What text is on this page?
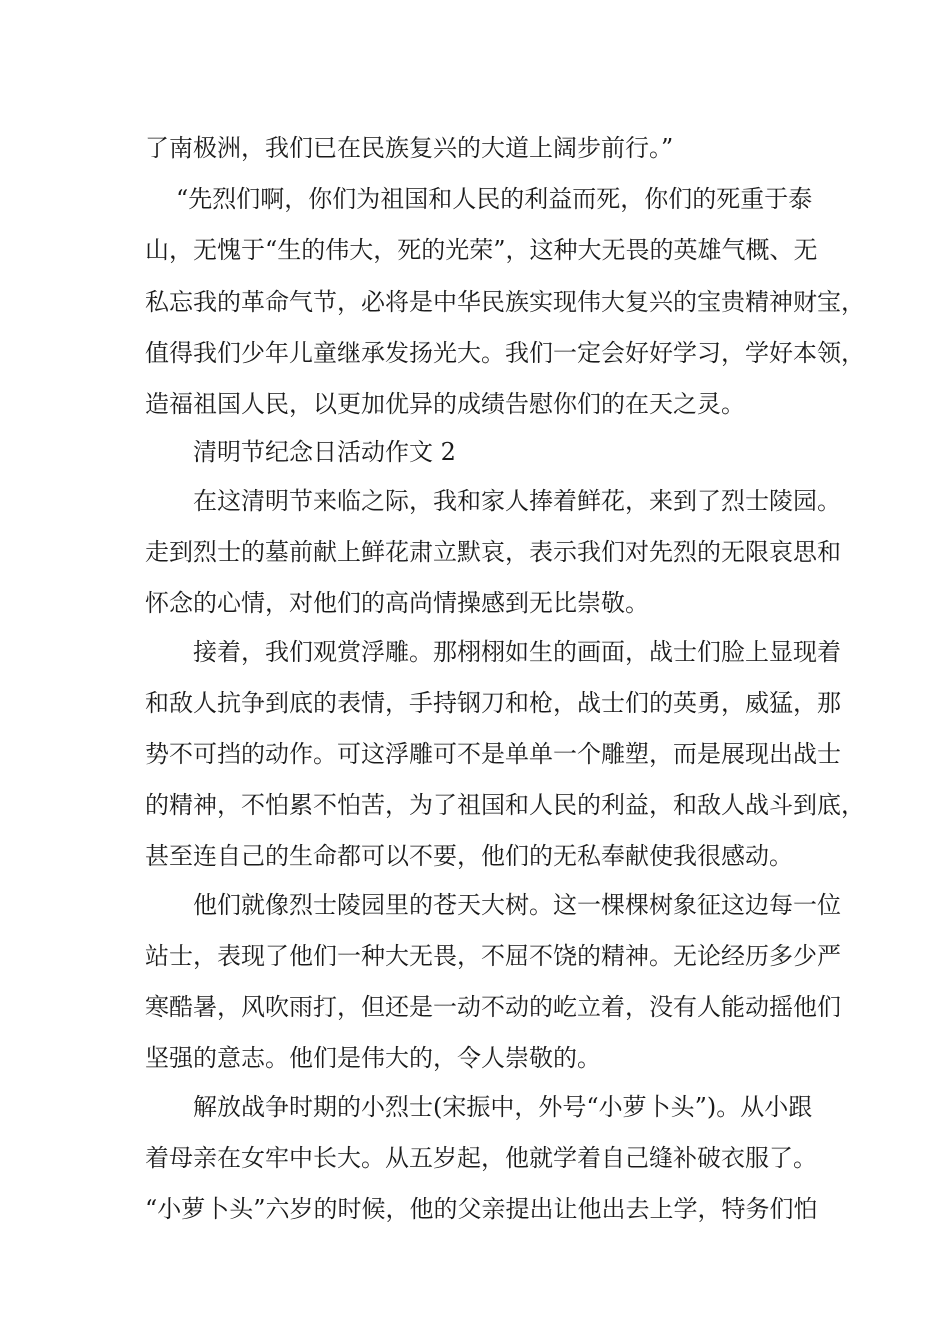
了南极洲，我们已在民族复兴的大道上阔步前行。”
“先烈们啊，你们为祖国和人民的利益而死，你们的死重于泰
山，无愧于“生的伟大，死的光荣”，这种大无畏的英雄气概、无
私忘我的革命气节，必将是中华民族实现伟大复兴的宝贵精神财宝，
值得我们少年儿童继承发扬光大。我们一定会好好学习，学好本领，
造福祖国人民，以更加优异的成绩告慰你们的在天之灵。
清明节纪念日活动作文 2
在这清明节来临之际，我和家人捧着鲜花，来到了烈士陵园。
走到烈士的墓前献上鲜花肃立默哀，表示我们对先烈的无限哀思和
怀念的心情，对他们的高尚情操感到无比崇敬。
接着，我们观赏浮雕。那栩栩如生的画面，战士们脸上显现着
和敌人抗争到底的表情，手持钢刀和枪，战士们的英勇，威猛，那
势不可挡的动作。可这浮雕可不是单单一个雕塑，而是展现出战士
的精神，不怕累不怕苦，为了祖国和人民的利益，和敌人战斗到底，
甚至连自己的生命都可以不要，他们的无私奉献使我很感动。
他们就像烈士陵园里的苍天大树。这一棵棵树象征这边每一位
站士，表现了他们一种大无畏，不屈不饶的精神。无论经历多少严
寒酷暑，风吹雨打，但还是一动不动的屹立着，没有人能动摇他们
坚强的意志。他们是伟大的，令人崇敬的。
解放战争时期的小烈士(宋振中，外号“小萝卜头”)。从小跟
着母亲在女牢中长大。从五岁起，他就学着自己缝补破衣服了。
“小萝卜头”六岁的时候，他的父亲提出让他出去上学，特务们怕
